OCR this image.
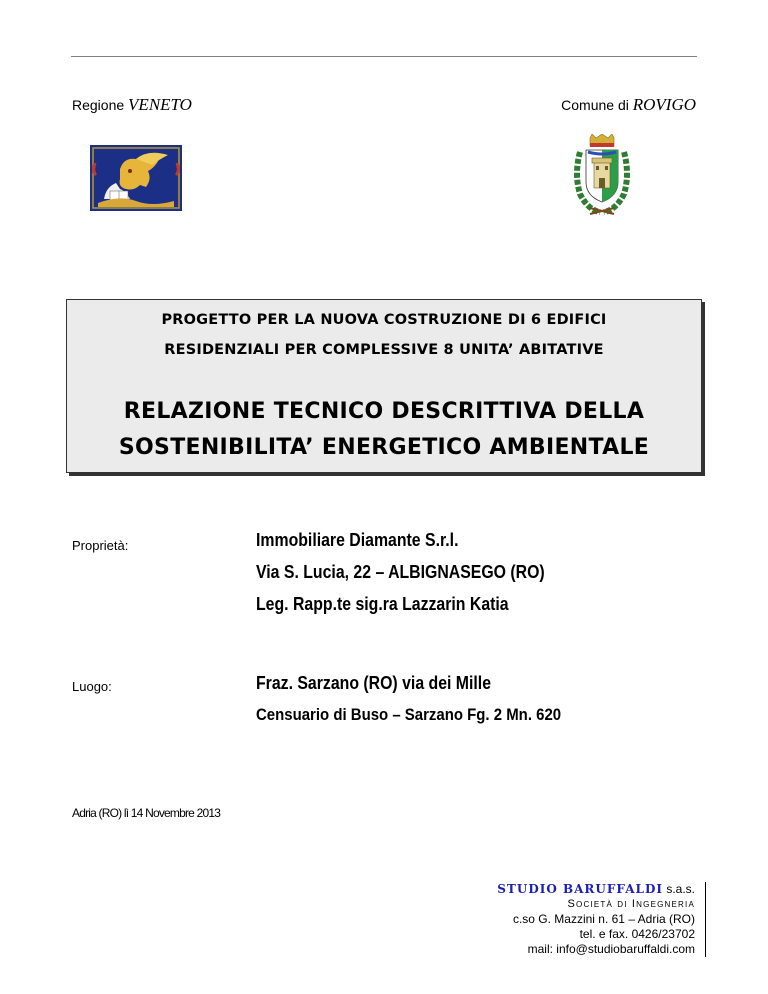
Regione VENETO	Comune di ROVIGO
PROGETTO PER LA NUOVA COSTRUZIONE DI 6 EDIFICI
RESIDENZIALI PER COMPLESSIVE 8 UNITA’ ABITATIVE
RELAZIONE TECNICO DESCRITTIVA DELLA
SOSTENIBILITA’ ENERGETICO AMBIENTALE
Proprietà:	Immobiliare Diamante S.r.l.
Via S. Lucia, 22 – ALBIGNASEGO (RO)
Leg. Rapp.te sig.ra Lazzarin Katia
Luogo:	Fraz. Sarzano (RO) via dei Mille
Censuario di Buso – Sarzano Fg. 2 Mn. 620
Adria (RO) lì 14 Novembre 2013
STUDIO BARUFFALDI s.a.s.
Società di Ingegneria
c.so G. Mazzini n. 61 – Adria (RO)
tel. e fax. 0426/23702
mail: info@studiobaruffaldi.com
